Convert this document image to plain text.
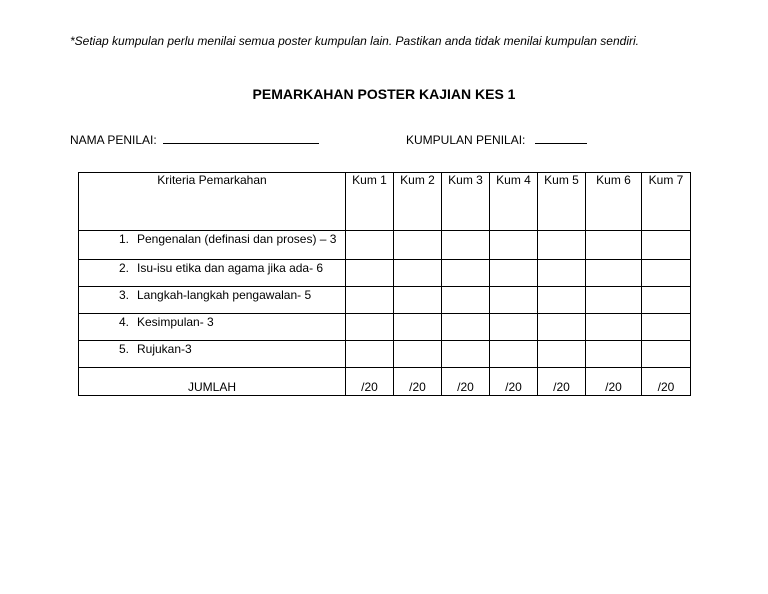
*Setiap kumpulan perlu menilai semua poster kumpulan lain. Pastikan anda tidak menilai kumpulan sendiri.
PEMARKAHAN POSTER KAJIAN KES 1
NAMA PENILAI:	KUMPULAN PENILAI:
Kriteria Pemarkahan	Kum 1	Kum 2	Kum 3	Kum 4	Kum 5	Kum 6	Kum 7
1. Pengenalan (definasi dan proses) – 3							
2. Isu-isu etika dan agama jika ada- 6							
3. Langkah-langkah pengawalan- 5							
4. Kesimpulan- 3							
5. Rujukan-3							
JUMLAH	/20	/20	/20	/20	/20	/20	/20
